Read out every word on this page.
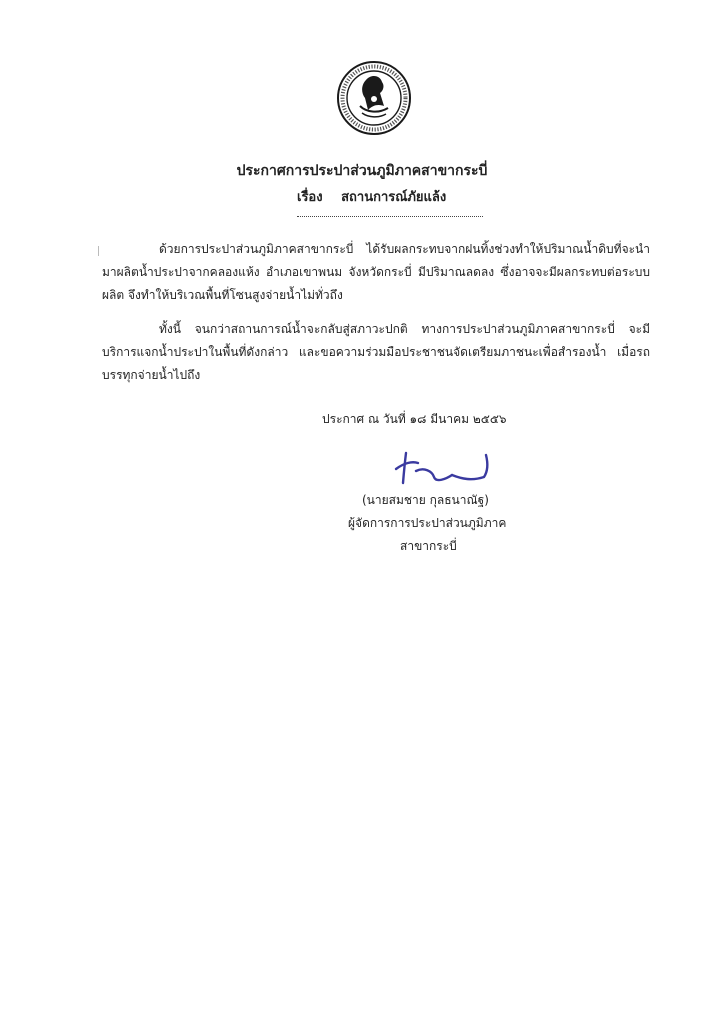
ประกาศการประปาส่วนภูมิภาคสาขากระบี่
เรื่อง สถานการณ์ภัยแล้ง
ด้วยการประปาส่วนภูมิภาคสาขากระบี่ ได้รับผลกระทบจากฝนทิ้งช่วงทำให้ปริมาณน้ำดิบที่จะนำมาผลิตน้ำประปาจากคลองแห้ง อำเภอเขาพนม จังหวัดกระบี่ มีปริมาณลดลง ซึ่งอาจจะมีผลกระทบต่อระบบผลิต จึงทำให้บริเวณพื้นที่โซนสูงจ่ายน้ำไม่ทั่วถึง
ทั้งนี้ จนกว่าสถานการณ์น้ำจะกลับสู่สภาวะปกติ ทางการประปาส่วนภูมิภาคสาขากระบี่ จะมีบริการแจกน้ำประปาในพื้นที่ดังกล่าว และขอความร่วมมือประชาชนจัดเตรียมภาชนะเพื่อสำรองน้ำ เมื่อรถบรรทุกจ่ายน้ำไปถึง
ประกาศ ณ วันที่ ๑๘ มีนาคม ๒๕๕๖
(นายสมชาย กุลธนาณัฐ)
ผู้จัดการการประปาส่วนภูมิภาค
สาขากระบี่
